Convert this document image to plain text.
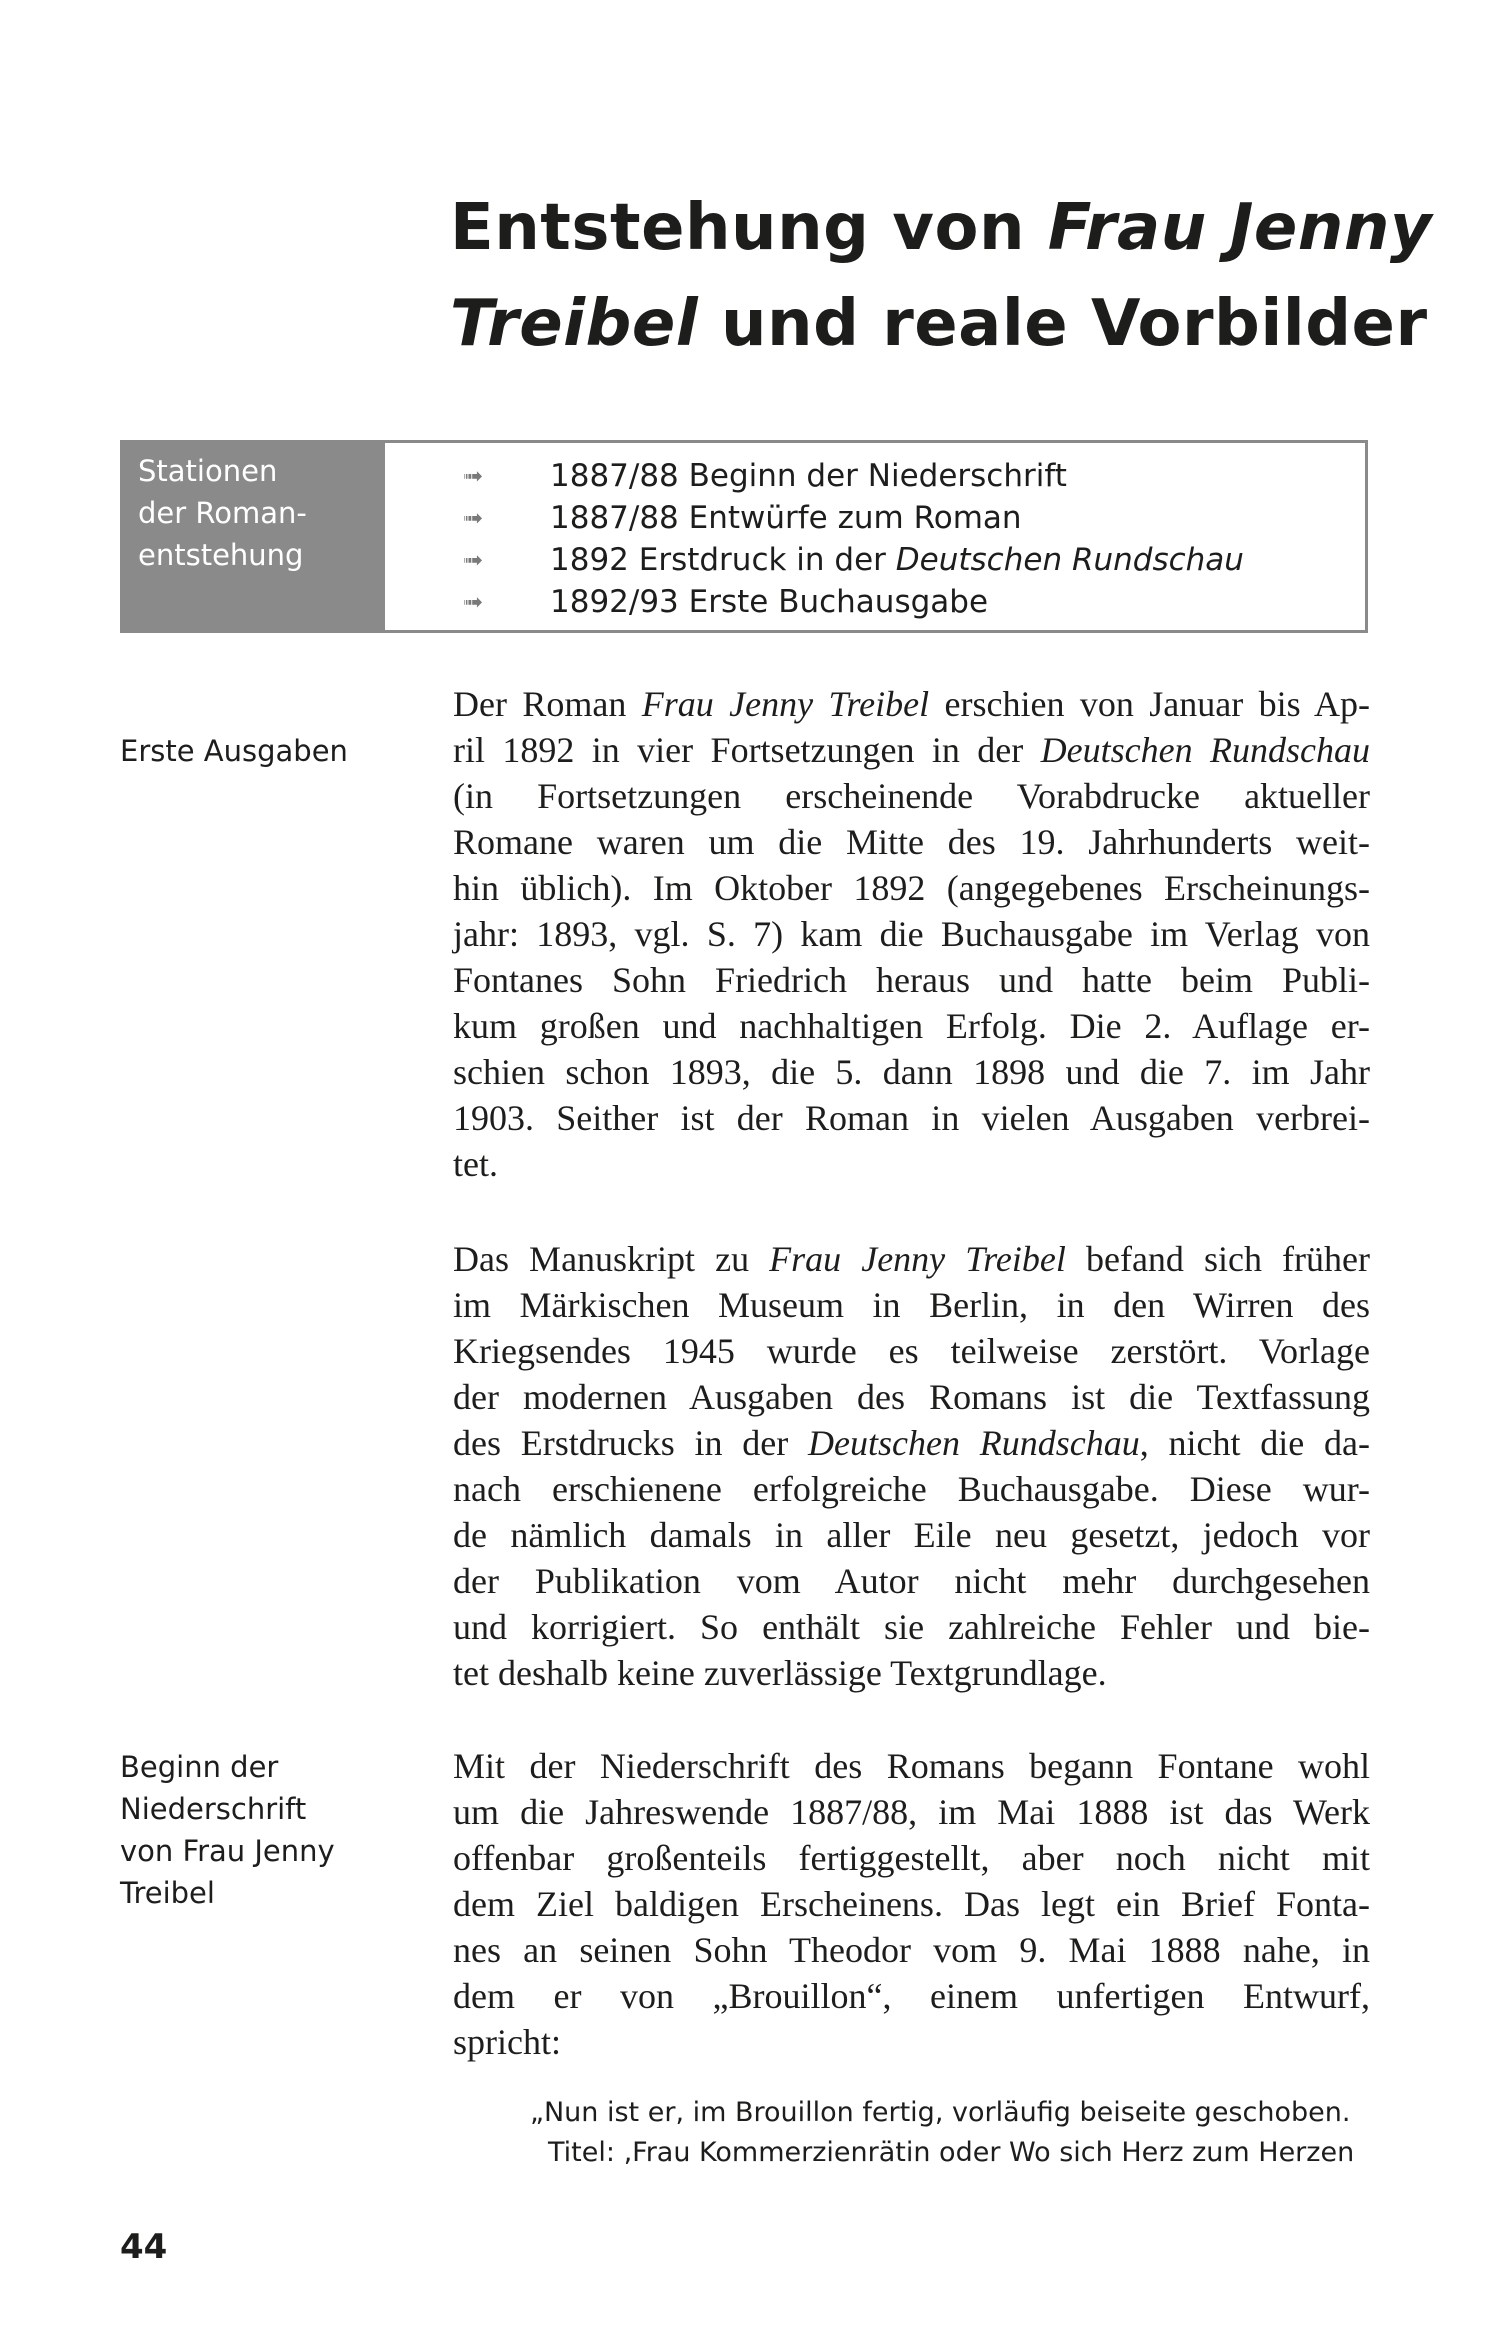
Entstehung von Frau Jenny
Treibel und reale Vorbilder
Stationen
der Roman-
entstehung
➟ 1887/88 Beginn der Niederschrift
➟ 1887/88 Entwürfe zum Roman
➟ 1892 Erstdruck in der Deutschen Rundschau
➟ 1892/93 Erste Buchausgabe
Erste Ausgaben
Beginn der
Niederschrift
von Frau Jenny
Treibel

Der Roman Frau Jenny Treibel erschien von Januar bis Ap-
ril 1892 in vier Fortsetzungen in der Deutschen Rundschau
(in Fortsetzungen erscheinende Vorabdrucke aktueller
Romane waren um die Mitte des 19. Jahrhunderts weit-
hin üblich). Im Oktober 1892 (angegebenes Erscheinungs-
jahr: 1893, vgl. S. 7) kam die Buchausgabe im Verlag von
Fontanes Sohn Friedrich heraus und hatte beim Publi-
kum großen und nachhaltigen Erfolg. Die 2. Auflage er-
schien schon 1893, die 5. dann 1898 und die 7. im Jahr
1903. Seither ist der Roman in vielen Ausgaben verbrei-
tet.

Das Manuskript zu Frau Jenny Treibel befand sich früher
im Märkischen Museum in Berlin, in den Wirren des
Kriegsendes 1945 wurde es teilweise zerstört. Vorlage
der modernen Ausgaben des Romans ist die Textfassung
des Erstdrucks in der Deutschen Rundschau, nicht die da-
nach erschienene erfolgreiche Buchausgabe. Diese wur-
de nämlich damals in aller Eile neu gesetzt, jedoch vor
der Publikation vom Autor nicht mehr durchgesehen
und korrigiert. So enthält sie zahlreiche Fehler und bie-
tet deshalb keine zuverlässige Textgrundlage.

Mit der Niederschrift des Romans begann Fontane wohl
um die Jahreswende 1887/88, im Mai 1888 ist das Werk
offenbar großenteils fertiggestellt, aber noch nicht mit
dem Ziel baldigen Erscheinens. Das legt ein Brief Fonta-
nes an seinen Sohn Theodor vom 9. Mai 1888 nahe, in
dem er von „Brouillon“, einem unfertigen Entwurf,
spricht:

„Nun ist er, im Brouillon fertig, vorläufig beiseite geschoben.
Titel: ‚Frau Kommerzienrätin oder Wo sich Herz zum Herzen
44
